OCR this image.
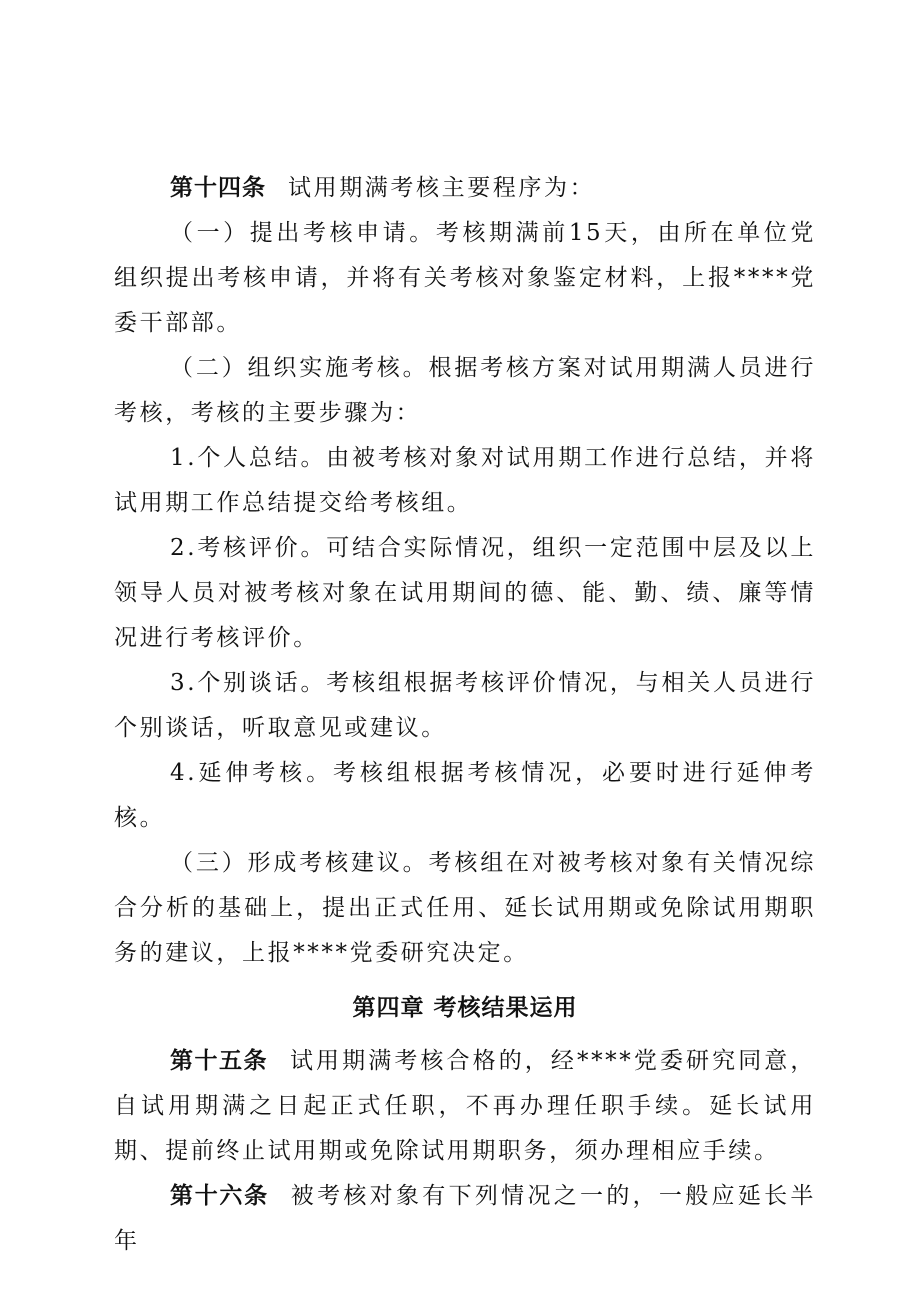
第十四条 试用期满考核主要程序为：

（一）提出考核申请。考核期满前15天，由所在单位党组织提出考核申请，并将有关考核对象鉴定材料，上报****党委干部部。

（二）组织实施考核。根据考核方案对试用期满人员进行考核，考核的主要步骤为：

1.个人总结。由被考核对象对试用期工作进行总结，并将试用期工作总结提交给考核组。

2.考核评价。可结合实际情况，组织一定范围中层及以上领导人员对被考核对象在试用期间的德、能、勤、绩、廉等情况进行考核评价。

3.个别谈话。考核组根据考核评价情况，与相关人员进行个别谈话，听取意见或建议。

4.延伸考核。考核组根据考核情况，必要时进行延伸考核。

（三）形成考核建议。考核组在对被考核对象有关情况综合分析的基础上，提出正式任用、延长试用期或免除试用期职务的建议，上报****党委研究决定。

第四章 考核结果运用

第十五条 试用期满考核合格的，经****党委研究同意，自试用期满之日起正式任职，不再办理任职手续。延长试用期、提前终止试用期或免除试用期职务，须办理相应手续。

第十六条 被考核对象有下列情况之一的，一般应延长半年
